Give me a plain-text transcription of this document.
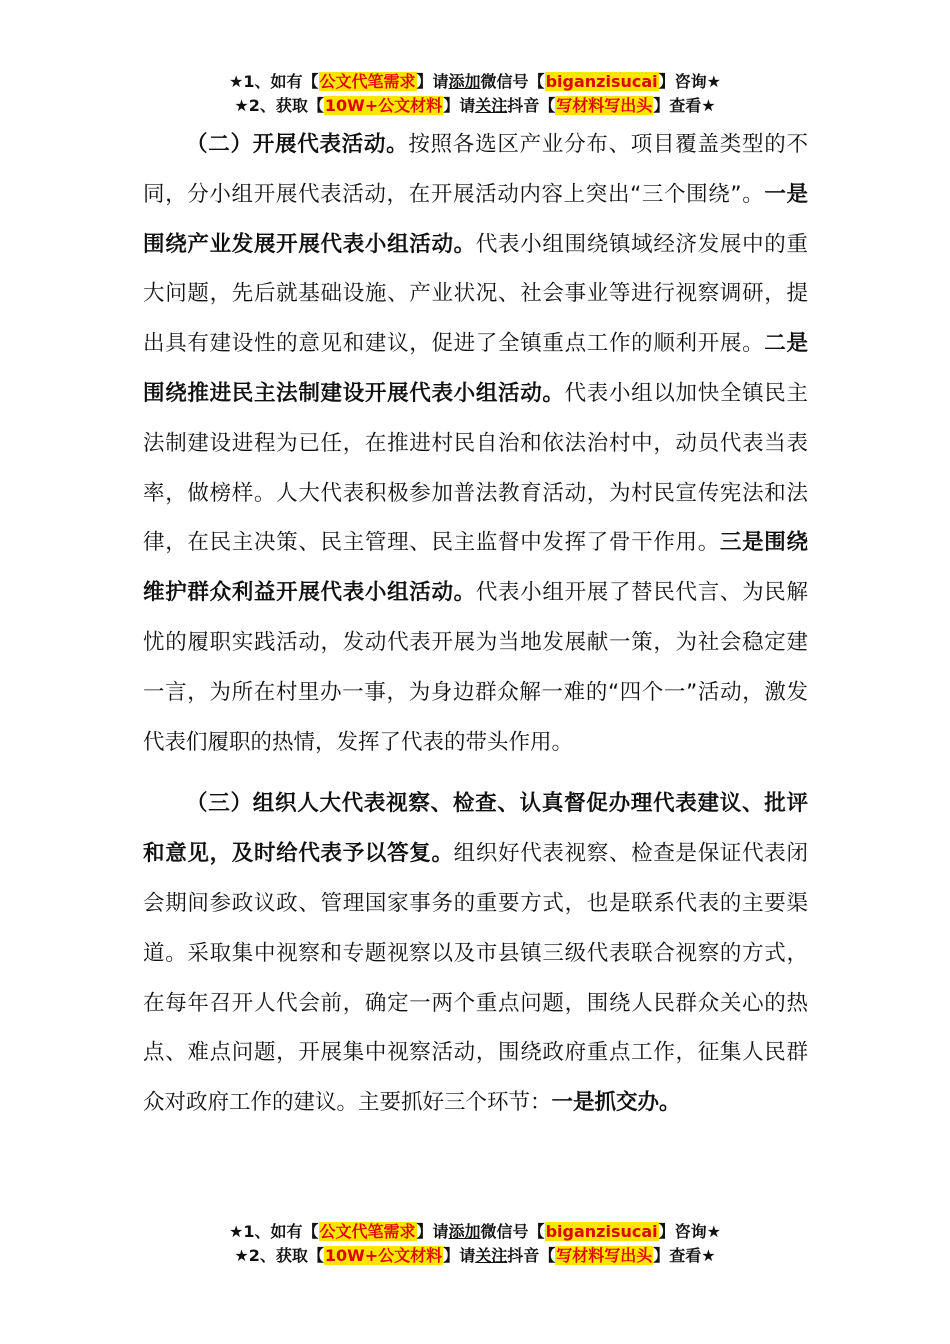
★1、如有【公文代笔需求】请添加微信号【biganzisucai】咨询★
★2、获取【10W+公文材料】请关注抖音【写材料写出头】查看★

（二）开展代表活动。按照各选区产业分布、项目覆盖类型的不同，分小组开展代表活动，在开展活动内容上突出“三个围绕”。一是围绕产业发展开展代表小组活动。代表小组围绕镇域经济发展中的重大问题，先后就基础设施、产业状况、社会事业等进行视察调研，提出具有建设性的意见和建议，促进了全镇重点工作的顺利开展。二是围绕推进民主法制建设开展代表小组活动。代表小组以加快全镇民主法制建设进程为已任，在推进村民自治和依法治村中，动员代表当表率，做榜样。人大代表积极参加普法教育活动，为村民宣传宪法和法律，在民主决策、民主管理、民主监督中发挥了骨干作用。三是围绕维护群众利益开展代表小组活动。代表小组开展了替民代言、为民解忧的履职实践活动，发动代表开展为当地发展献一策，为社会稳定建一言，为所在村里办一事，为身边群众解一难的“四个一”活动，激发代表们履职的热情，发挥了代表的带头作用。

（三）组织人大代表视察、检查、认真督促办理代表建议、批评和意见，及时给代表予以答复。组织好代表视察、检查是保证代表闭会期间参政议政、管理国家事务的重要方式，也是联系代表的主要渠道。采取集中视察和专题视察以及市县镇三级代表联合视察的方式，在每年召开人代会前，确定一两个重点问题，围绕人民群众关心的热点、难点问题，开展集中视察活动，围绕政府重点工作，征集人民群众对政府工作的建议。主要抓好三个环节：一是抓交办。

★1、如有【公文代笔需求】请添加微信号【biganzisucai】咨询★
★2、获取【10W+公文材料】请关注抖音【写材料写出头】查看★
